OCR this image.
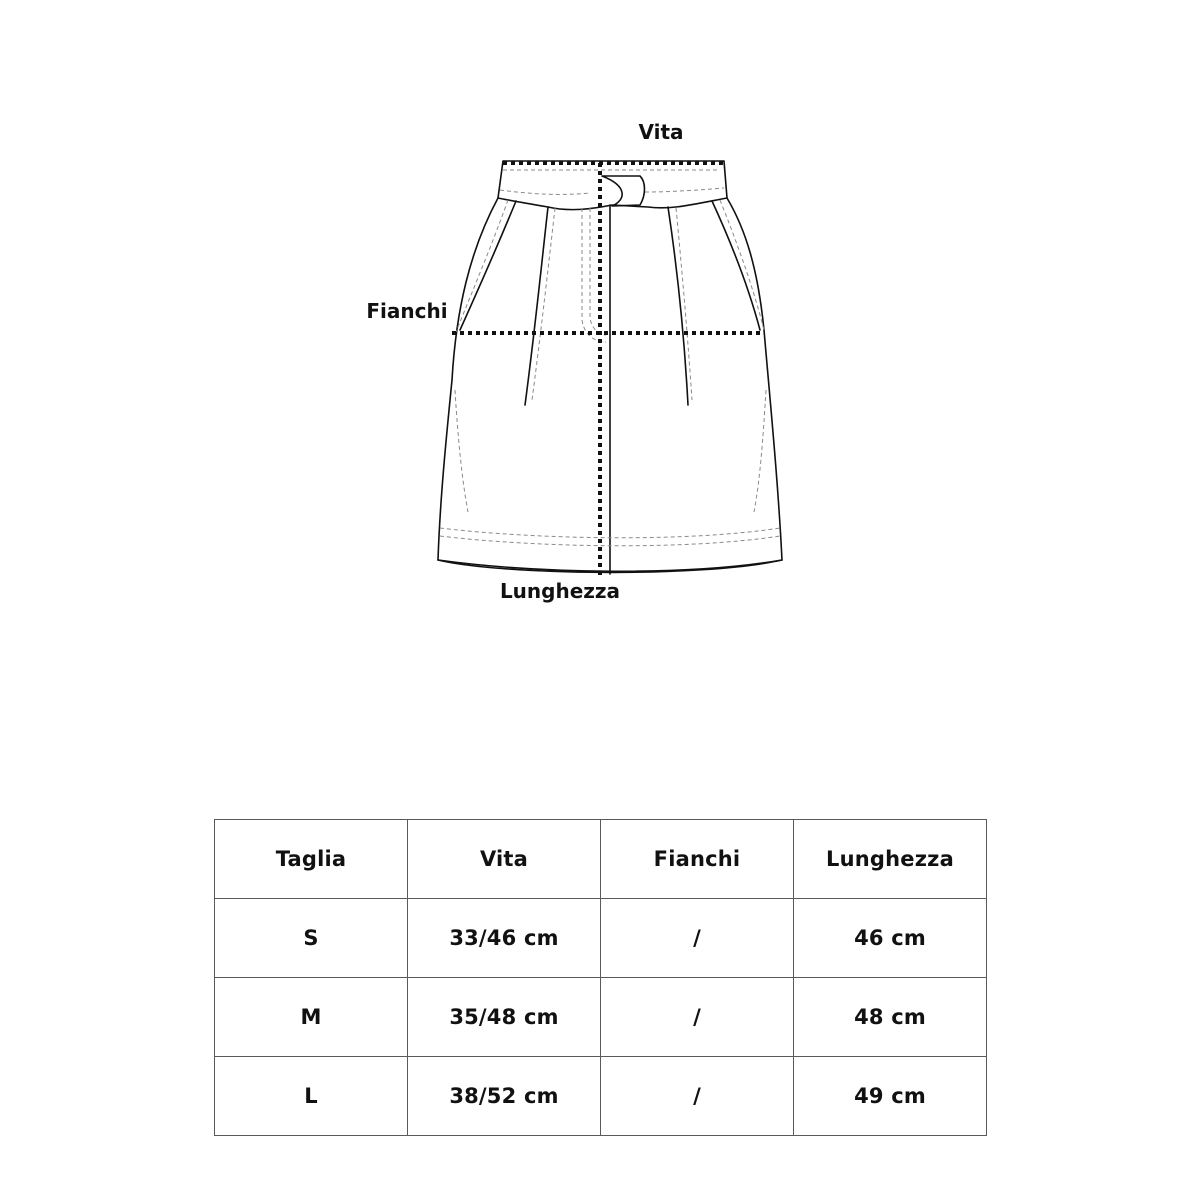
Vita
Fianchi
Lunghezza
Taglia	Vita	Fianchi	Lunghezza
S	33/46 cm	/	46 cm
M	35/48 cm	/	48 cm
L	38/52 cm	/	49 cm
